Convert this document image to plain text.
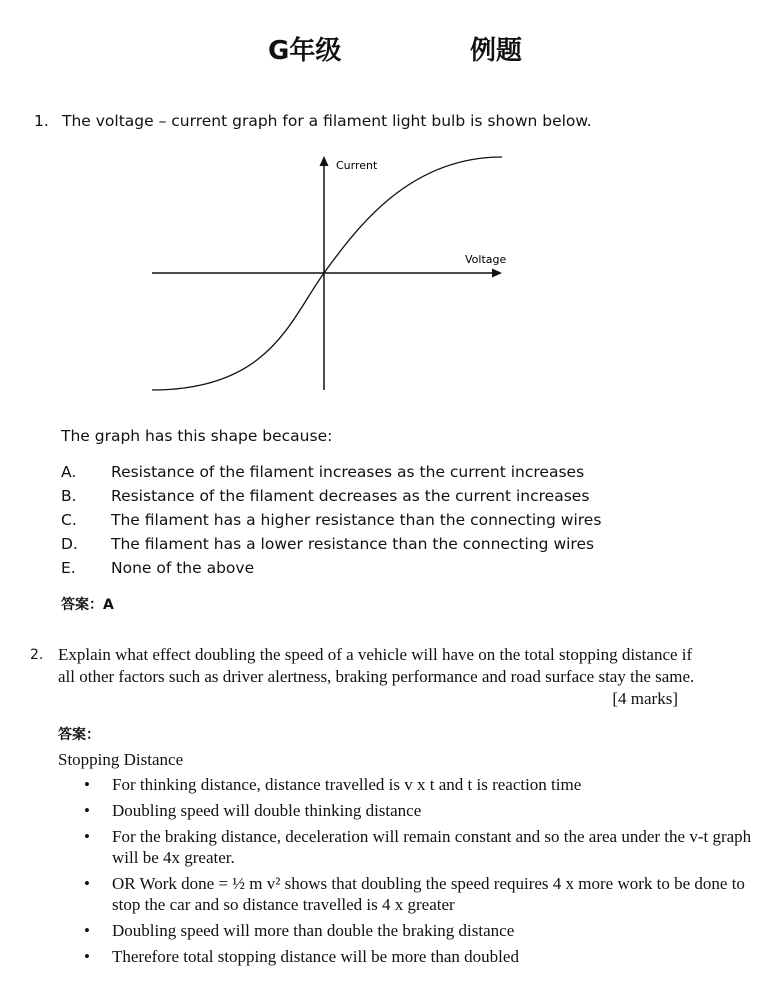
G年级	例题
1. The voltage – current graph for a filament light bulb is shown below.
Current
Voltage
The graph has this shape because:
A. Resistance of the filament increases as the current increases
B. Resistance of the filament decreases as the current increases
C. The filament has a higher resistance than the connecting wires
D. The filament has a lower resistance than the connecting wires
E. None of the above
答案：A
2. Explain what effect doubling the speed of a vehicle will have on the total stopping distance if all other factors such as driver alertness, braking performance and road surface stay the same.
[4 marks]
答案：
Stopping Distance
• For thinking distance, distance travelled is v x t and t is reaction time
• Doubling speed will double thinking distance
• For the braking distance, deceleration will remain constant and so the area under the v-t graph will be 4x greater.
• OR Work done = ½ m v² shows that doubling the speed requires 4 x more work to be done to stop the car and so distance travelled is 4 x greater
• Doubling speed will more than double the braking distance
• Therefore total stopping distance will be more than doubled
